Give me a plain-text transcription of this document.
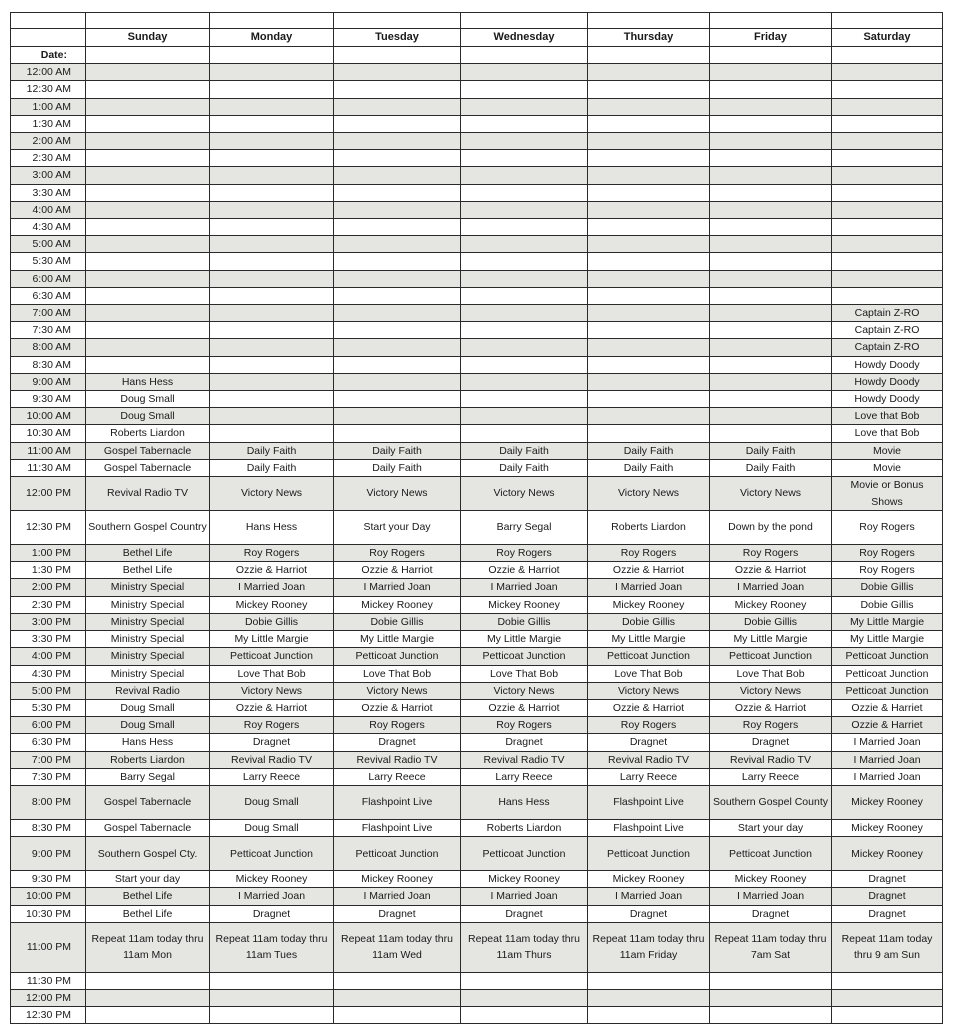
	Sunday	Monday	Tuesday	Wednesday	Thursday	Friday	Saturday
Date:							
12:00 AM							
12:30 AM							
1:00 AM							
1:30 AM							
2:00 AM							
2:30 AM							
3:00 AM							
3:30 AM							
4:00 AM							
4:30 AM							
5:00 AM							
5:30 AM							
6:00 AM							
6:30 AM							
7:00 AM							Captain Z-RO
7:30 AM							Captain Z-RO
8:00 AM							Captain Z-RO
8:30 AM							Howdy Doody
9:00 AM	Hans Hess						Howdy Doody
9:30 AM	Doug Small						Howdy Doody
10:00 AM	Doug Small						Love that Bob
10:30 AM	Roberts Liardon						Love that Bob
11:00 AM	Gospel Tabernacle	Daily Faith	Daily Faith	Daily Faith	Daily Faith	Daily Faith	Movie
11:30 AM	Gospel Tabernacle	Daily Faith	Daily Faith	Daily Faith	Daily Faith	Daily Faith	Movie
12:00 PM	Revival Radio TV	Victory News	Victory News	Victory News	Victory News	Victory News	Movie or Bonus Shows
12:30 PM	Southern Gospel Country	Hans Hess	Start your Day	Barry Segal	Roberts Liardon	Down by the pond	Roy Rogers
1:00 PM	Bethel Life	Roy Rogers	Roy Rogers	Roy Rogers	Roy Rogers	Roy Rogers	Roy Rogers
1:30 PM	Bethel Life	Ozzie & Harriot	Ozzie & Harriot	Ozzie & Harriot	Ozzie & Harriot	Ozzie & Harriot	Roy Rogers
2:00 PM	Ministry Special	I Married Joan	I Married Joan	I Married Joan	I Married Joan	I Married Joan	Dobie Gillis
2:30 PM	Ministry Special	Mickey Rooney	Mickey Rooney	Mickey Rooney	Mickey Rooney	Mickey Rooney	Dobie Gillis
3:00 PM	Ministry Special	Dobie Gillis	Dobie Gillis	Dobie Gillis	Dobie Gillis	Dobie Gillis	My Little Margie
3:30 PM	Ministry Special	My Little Margie	My Little Margie	My Little Margie	My Little Margie	My Little Margie	My Little Margie
4:00 PM	Ministry Special	Petticoat Junction	Petticoat Junction	Petticoat Junction	Petticoat Junction	Petticoat Junction	Petticoat Junction
4:30 PM	Ministry Special	Love That Bob	Love That Bob	Love That Bob	Love That Bob	Love That Bob	Petticoat Junction
5:00 PM	Revival Radio	Victory News	Victory News	Victory News	Victory News	Victory News	Petticoat Junction
5:30 PM	Doug Small	Ozzie & Harriot	Ozzie & Harriot	Ozzie & Harriot	Ozzie & Harriot	Ozzie & Harriot	Ozzie & Harriet
6:00 PM	Doug Small	Roy Rogers	Roy Rogers	Roy Rogers	Roy Rogers	Roy Rogers	Ozzie & Harriet
6:30 PM	Hans Hess	Dragnet	Dragnet	Dragnet	Dragnet	Dragnet	I Married Joan
7:00 PM	Roberts Liardon	Revival Radio TV	Revival Radio TV	Revival Radio TV	Revival Radio TV	Revival Radio TV	I Married Joan
7:30 PM	Barry Segal	Larry Reece	Larry Reece	Larry Reece	Larry Reece	Larry Reece	I Married Joan
8:00 PM	Gospel Tabernacle	Doug Small	Flashpoint Live	Hans Hess	Flashpoint Live	Southern Gospel County	Mickey Rooney
8:30 PM	Gospel Tabernacle	Doug Small	Flashpoint Live	Roberts Liardon	Flashpoint Live	Start your day	Mickey Rooney
9:00 PM	Southern Gospel Cty.	Petticoat Junction	Petticoat Junction	Petticoat Junction	Petticoat Junction	Petticoat Junction	Mickey Rooney
9:30 PM	Start your day	Mickey Rooney	Mickey Rooney	Mickey Rooney	Mickey Rooney	Mickey Rooney	Dragnet
10:00 PM	Bethel Life	I Married Joan	I Married Joan	I Married Joan	I Married Joan	I Married Joan	Dragnet
10:30 PM	Bethel Life	Dragnet	Dragnet	Dragnet	Dragnet	Dragnet	Dragnet
11:00 PM	Repeat 11am today thru 11am Mon	Repeat 11am today thru 11am Tues	Repeat 11am today thru 11am Wed	Repeat 11am today thru 11am Thurs	Repeat 11am today thru 11am Friday	Repeat 11am today thru 7am Sat	Repeat 11am today thru 9 am Sun
11:30 PM							
12:00 PM							
12:30 PM							
